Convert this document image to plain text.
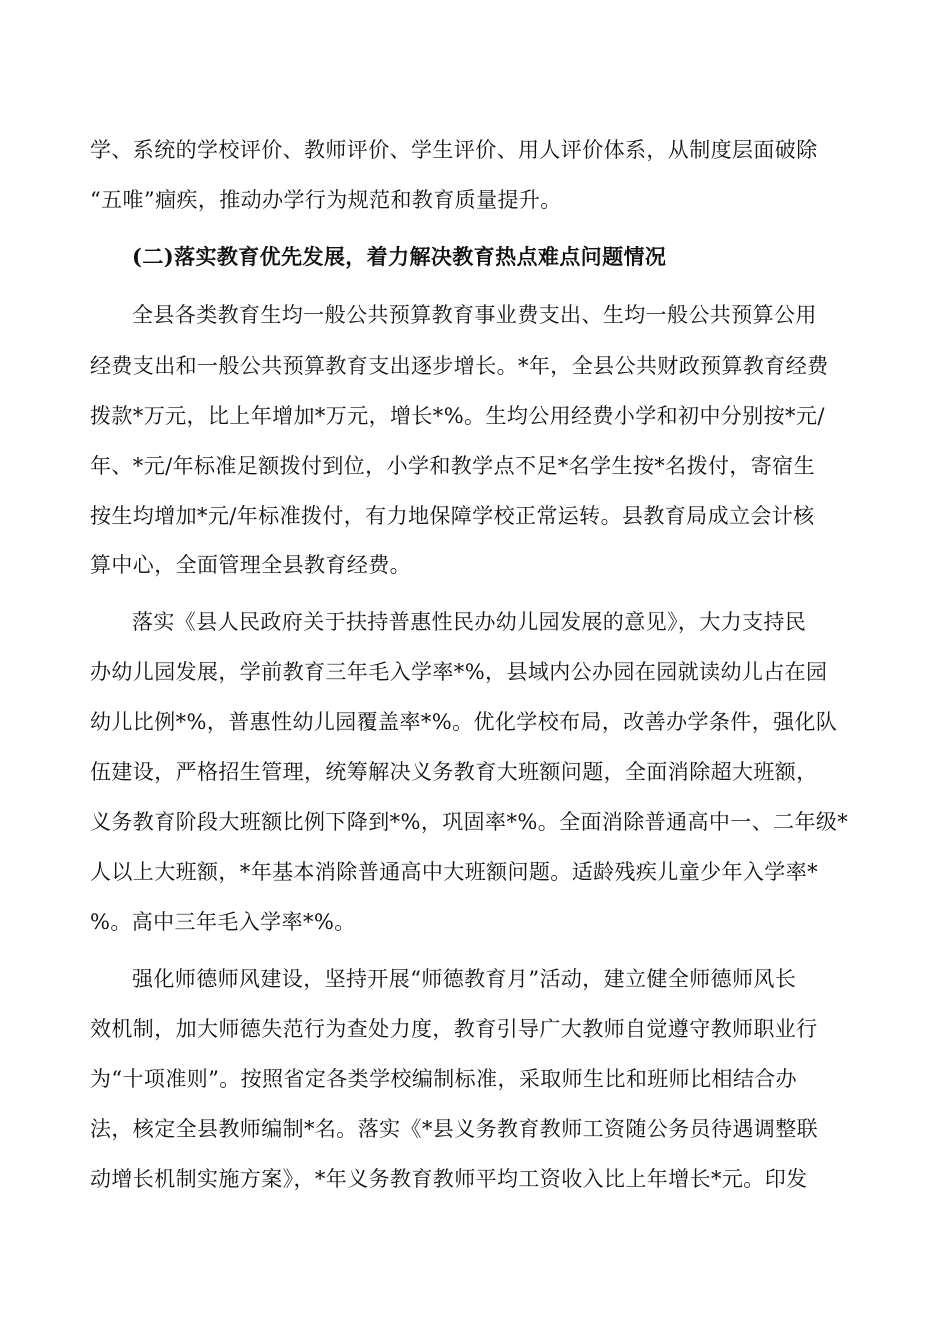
学、系统的学校评价、教师评价、学生评价、用人评价体系，从制度层面破除
“五唯”痼疾，推动办学行为规范和教育质量提升。
(二)落实教育优先发展，着力解决教育热点难点问题情况
全县各类教育生均一般公共预算教育事业费支出、生均一般公共预算公用
经费支出和一般公共预算教育支出逐步增长。*年，全县公共财政预算教育经费
拨款*万元，比上年增加*万元，增长*%。生均公用经费小学和初中分别按*元/
年、*元/年标准足额拨付到位，小学和教学点不足*名学生按*名拨付，寄宿生
按生均增加*元/年标准拨付，有力地保障学校正常运转。县教育局成立会计核
算中心，全面管理全县教育经费。
落实《县人民政府关于扶持普惠性民办幼儿园发展的意见》，大力支持民
办幼儿园发展，学前教育三年毛入学率*%，县域内公办园在园就读幼儿占在园
幼儿比例*%，普惠性幼儿园覆盖率*%。优化学校布局，改善办学条件，强化队
伍建设，严格招生管理，统筹解决义务教育大班额问题，全面消除超大班额，
义务教育阶段大班额比例下降到*%，巩固率*%。全面消除普通高中一、二年级*
人以上大班额，*年基本消除普通高中大班额问题。适龄残疾儿童少年入学率*
%。高中三年毛入学率*%。
强化师德师风建设，坚持开展“师德教育月”活动，建立健全师德师风长
效机制，加大师德失范行为查处力度，教育引导广大教师自觉遵守教师职业行
为“十项准则”。按照省定各类学校编制标准，采取师生比和班师比相结合办
法，核定全县教师编制*名。落实《*县义务教育教师工资随公务员待遇调整联
动增长机制实施方案》，*年义务教育教师平均工资收入比上年增长*元。印发
